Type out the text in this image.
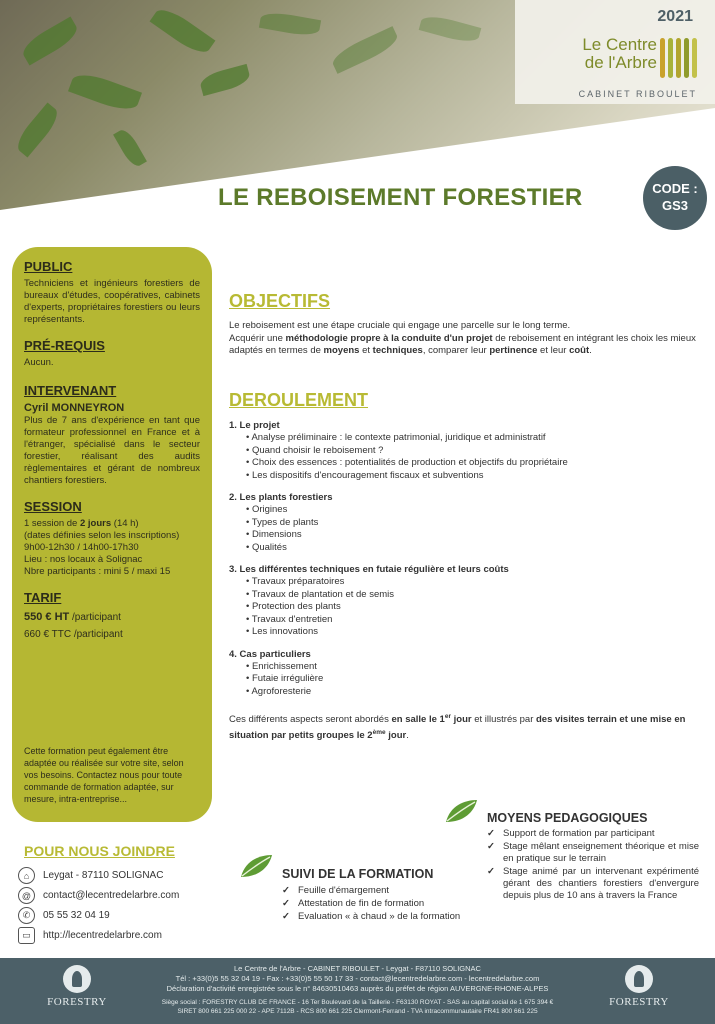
2021
Le Centre
de l'Arbre
CABINET RIBOULET
LE REBOISEMENT FORESTIER	CODE :
GS3
PUBLIC
Techniciens et ingénieurs forestiers de bureaux d'études, coopératives, cabinets d'experts, propriétaires forestiers ou leurs représentants.
PRÉ-REQUIS
Aucun.
INTERVENANT
Cyril MONNEYRON
Plus de 7 ans d'expérience en tant que formateur professionnel en France et à l'étranger, spécialisé dans le secteur forestier, réalisant des audits règlementaires et gérant de nombreux chantiers forestiers.
SESSION
1 session de 2 jours (14 h)
(dates définies selon les inscriptions)
9h00-12h30 / 14h00-17h30
Lieu : nos locaux à Solignac
Nbre participants : mini 5 / maxi 15
TARIF
550 € HT /participant
660 € TTC /participant
Cette formation peut également être adaptée ou réalisée sur votre site, selon vos besoins. Contactez nous pour toute commande de formation adaptée, sur mesure, intra-entreprise...
OBJECTIFS
Le reboisement est une étape cruciale qui engage une parcelle sur le long terme.
Acquérir une méthodologie propre à la conduite d'un projet de reboisement en intégrant les choix les mieux adaptés en termes de moyens et techniques, comparer leur pertinence et leur coût.
DEROULEMENT
1. Le projet
• Analyse préliminaire : le contexte patrimonial, juridique et administratif
• Quand choisir le reboisement ?
• Choix des essences : potentialités de production et objectifs du propriétaire
• Les dispositifs d'encouragement fiscaux et subventions
2. Les plants forestiers
• Origines
• Types de plants
• Dimensions
• Qualités
3. Les différentes techniques en futaie régulière et leurs coûts
• Travaux préparatoires
• Travaux de plantation et de semis
• Protection des plants
• Travaux d'entretien
• Les innovations
4. Cas particuliers
• Enrichissement
• Futaie irrégulière
• Agroforesterie
Ces différents aspects seront abordés en salle le 1er jour et illustrés par des visites terrain et une mise en situation par petits groupes le 2ème jour.
MOYENS PEDAGOGIQUES
✓ Support de formation par participant
✓ Stage mêlant enseignement théorique et mise en pratique sur le terrain
✓ Stage animé par un intervenant expérimenté gérant des chantiers forestiers d'envergure depuis plus de 10 ans à travers la France
SUIVI DE LA FORMATION
✓ Feuille d'émargement
✓ Attestation de fin de formation
✓ Evaluation « à chaud » de la formation
POUR NOUS JOINDRE
⌂	Leygat - 87110 SOLIGNAC
@	contact@lecentredelarbre.com
✆	05 55 32 04 19
▭	http://lecentredelarbre.com
FORESTRY
Le Centre de l'Arbre - CABINET RIBOULET - Leygat - F87110 SOLIGNAC
Tél : +33(0)5 55 32 04 19 - Fax : +33(0)5 55 50 17 33 - contact@lecentredelarbre.com - lecentredelarbre.com
Déclaration d'activité enregistrée sous le n° 84630510463 auprès du préfet de région AUVERGNE-RHONE-ALPES
Siège social : FORESTRY CLUB DE FRANCE - 16 Ter Boulevard de la Taillerie - F63130 ROYAT - SAS au capital social de 1 675 394 €
SIRET 800 661 225 000 22 - APE 7112B - RCS 800 661 225 Clermont-Ferrand - TVA intracommunautaire FR41 800 661 225
FORESTRY
